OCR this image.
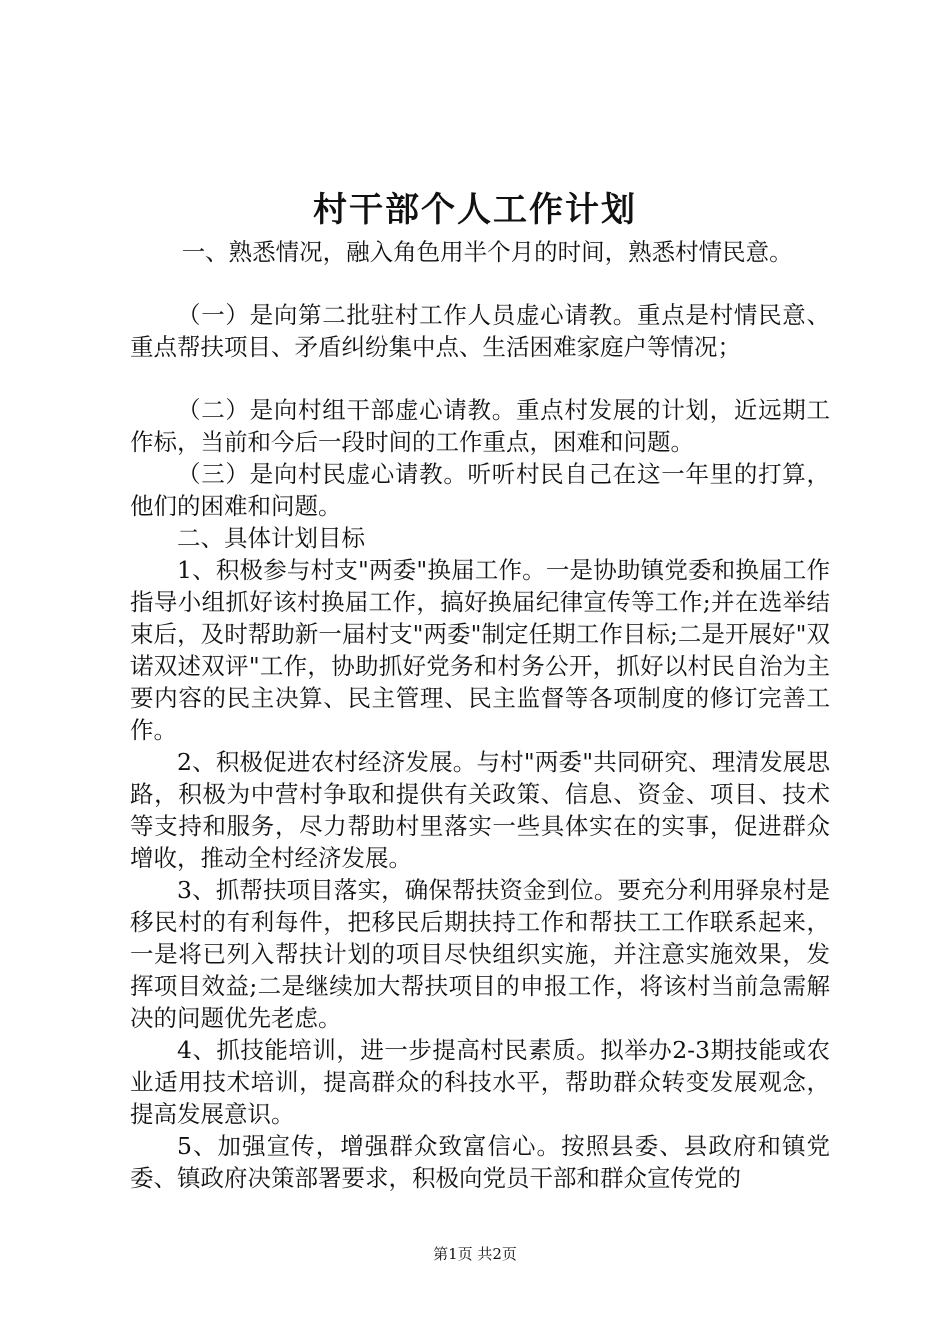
村干部个人工作计划

一、熟悉情况，融入角色用半个月的时间，熟悉村情民意。

（一）是向第二批驻村工作人员虚心请教。重点是村情民意、重点帮扶项目、矛盾纠纷集中点、生活困难家庭户等情况；

（二）是向村组干部虚心请教。重点村发展的计划，近远期工作标，当前和今后一段时间的工作重点，困难和问题。

（三）是向村民虚心请教。听听村民自己在这一年里的打算，他们的困难和问题。

二、具体计划目标

1、积极参与村支"两委"换届工作。一是协助镇党委和换届工作指导小组抓好该村换届工作，搞好换届纪律宣传等工作;并在选举结束后，及时帮助新一届村支"两委"制定任期工作目标;二是开展好"双诺双述双评"工作，协助抓好党务和村务公开，抓好以村民自治为主要内容的民主决算、民主管理、民主监督等各项制度的修订完善工作。

2、积极促进农村经济发展。与村"两委"共同研究、理清发展思路，积极为中营村争取和提供有关政策、信息、资金、项目、技术等支持和服务，尽力帮助村里落实一些具体实在的实事，促进群众增收，推动全村经济发展。

3、抓帮扶项目落实，确保帮扶资金到位。要充分利用驿泉村是移民村的有利每件，把移民后期扶持工作和帮扶工工作联系起来，一是将已列入帮扶计划的项目尽快组织实施，并注意实施效果，发挥项目效益;二是继续加大帮扶项目的申报工作，将该村当前急需解决的问题优先老虑。

4、抓技能培训，进一步提高村民素质。拟举办2-3期技能或农业适用技术培训，提高群众的科技水平，帮助群众转变发展观念，提高发展意识。

5、加强宣传，增强群众致富信心。按照县委、县政府和镇党委、镇政府决策部署要求，积极向党员干部和群众宣传党的

第1页 共2页
